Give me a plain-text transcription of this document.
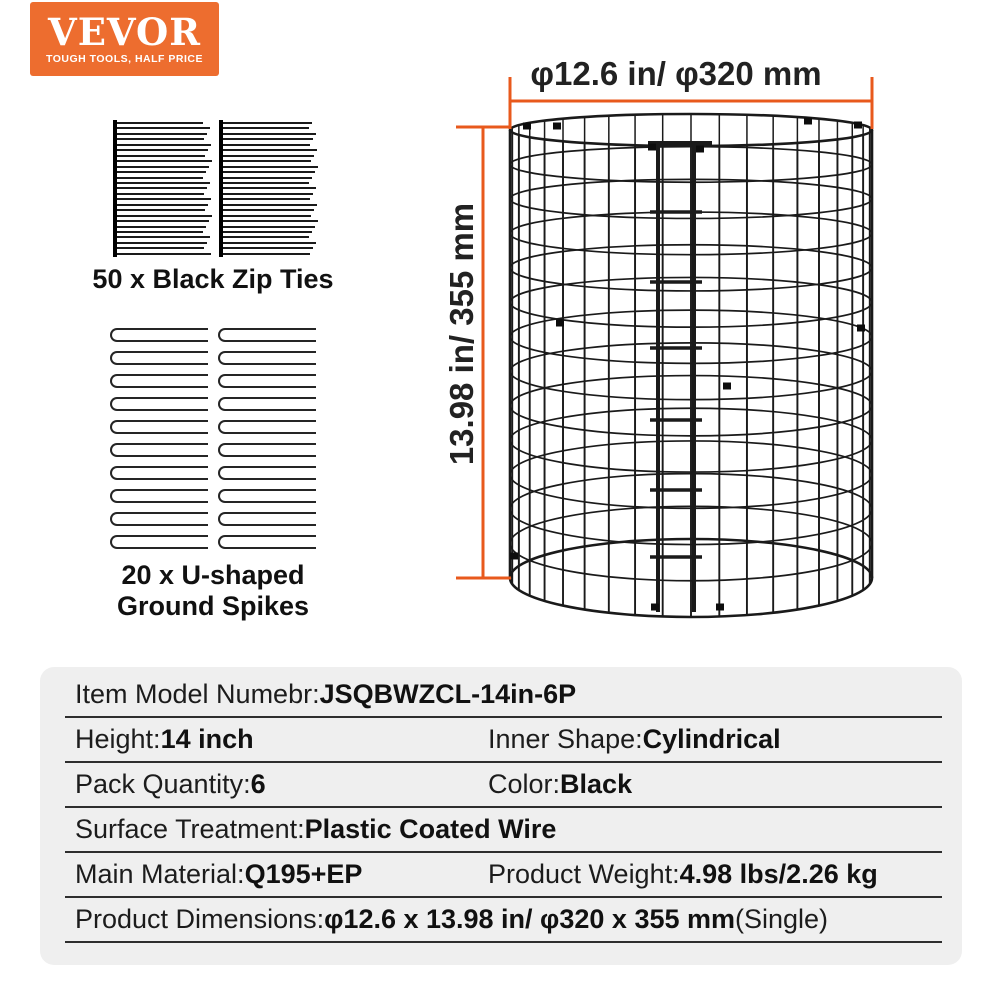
VEVOR
TOUGH TOOLS, HALF PRICE
50 x Black Zip Ties
20 x U-shaped
Ground Spikes
φ12.6 in/ φ320 mm
13.98 in/ 355 mm
Item Model Numebr: JSQBWZCL-14in-6P
Height: 14 inch	Inner Shape: Cylindrical
Pack Quantity: 6	Color: Black
Surface Treatment: Plastic Coated Wire
Main Material: Q195+EP	Product Weight: 4.98 lbs/2.26 kg
Product Dimensions: φ12.6 x 13.98 in/ φ320 x 355 mm (Single)
